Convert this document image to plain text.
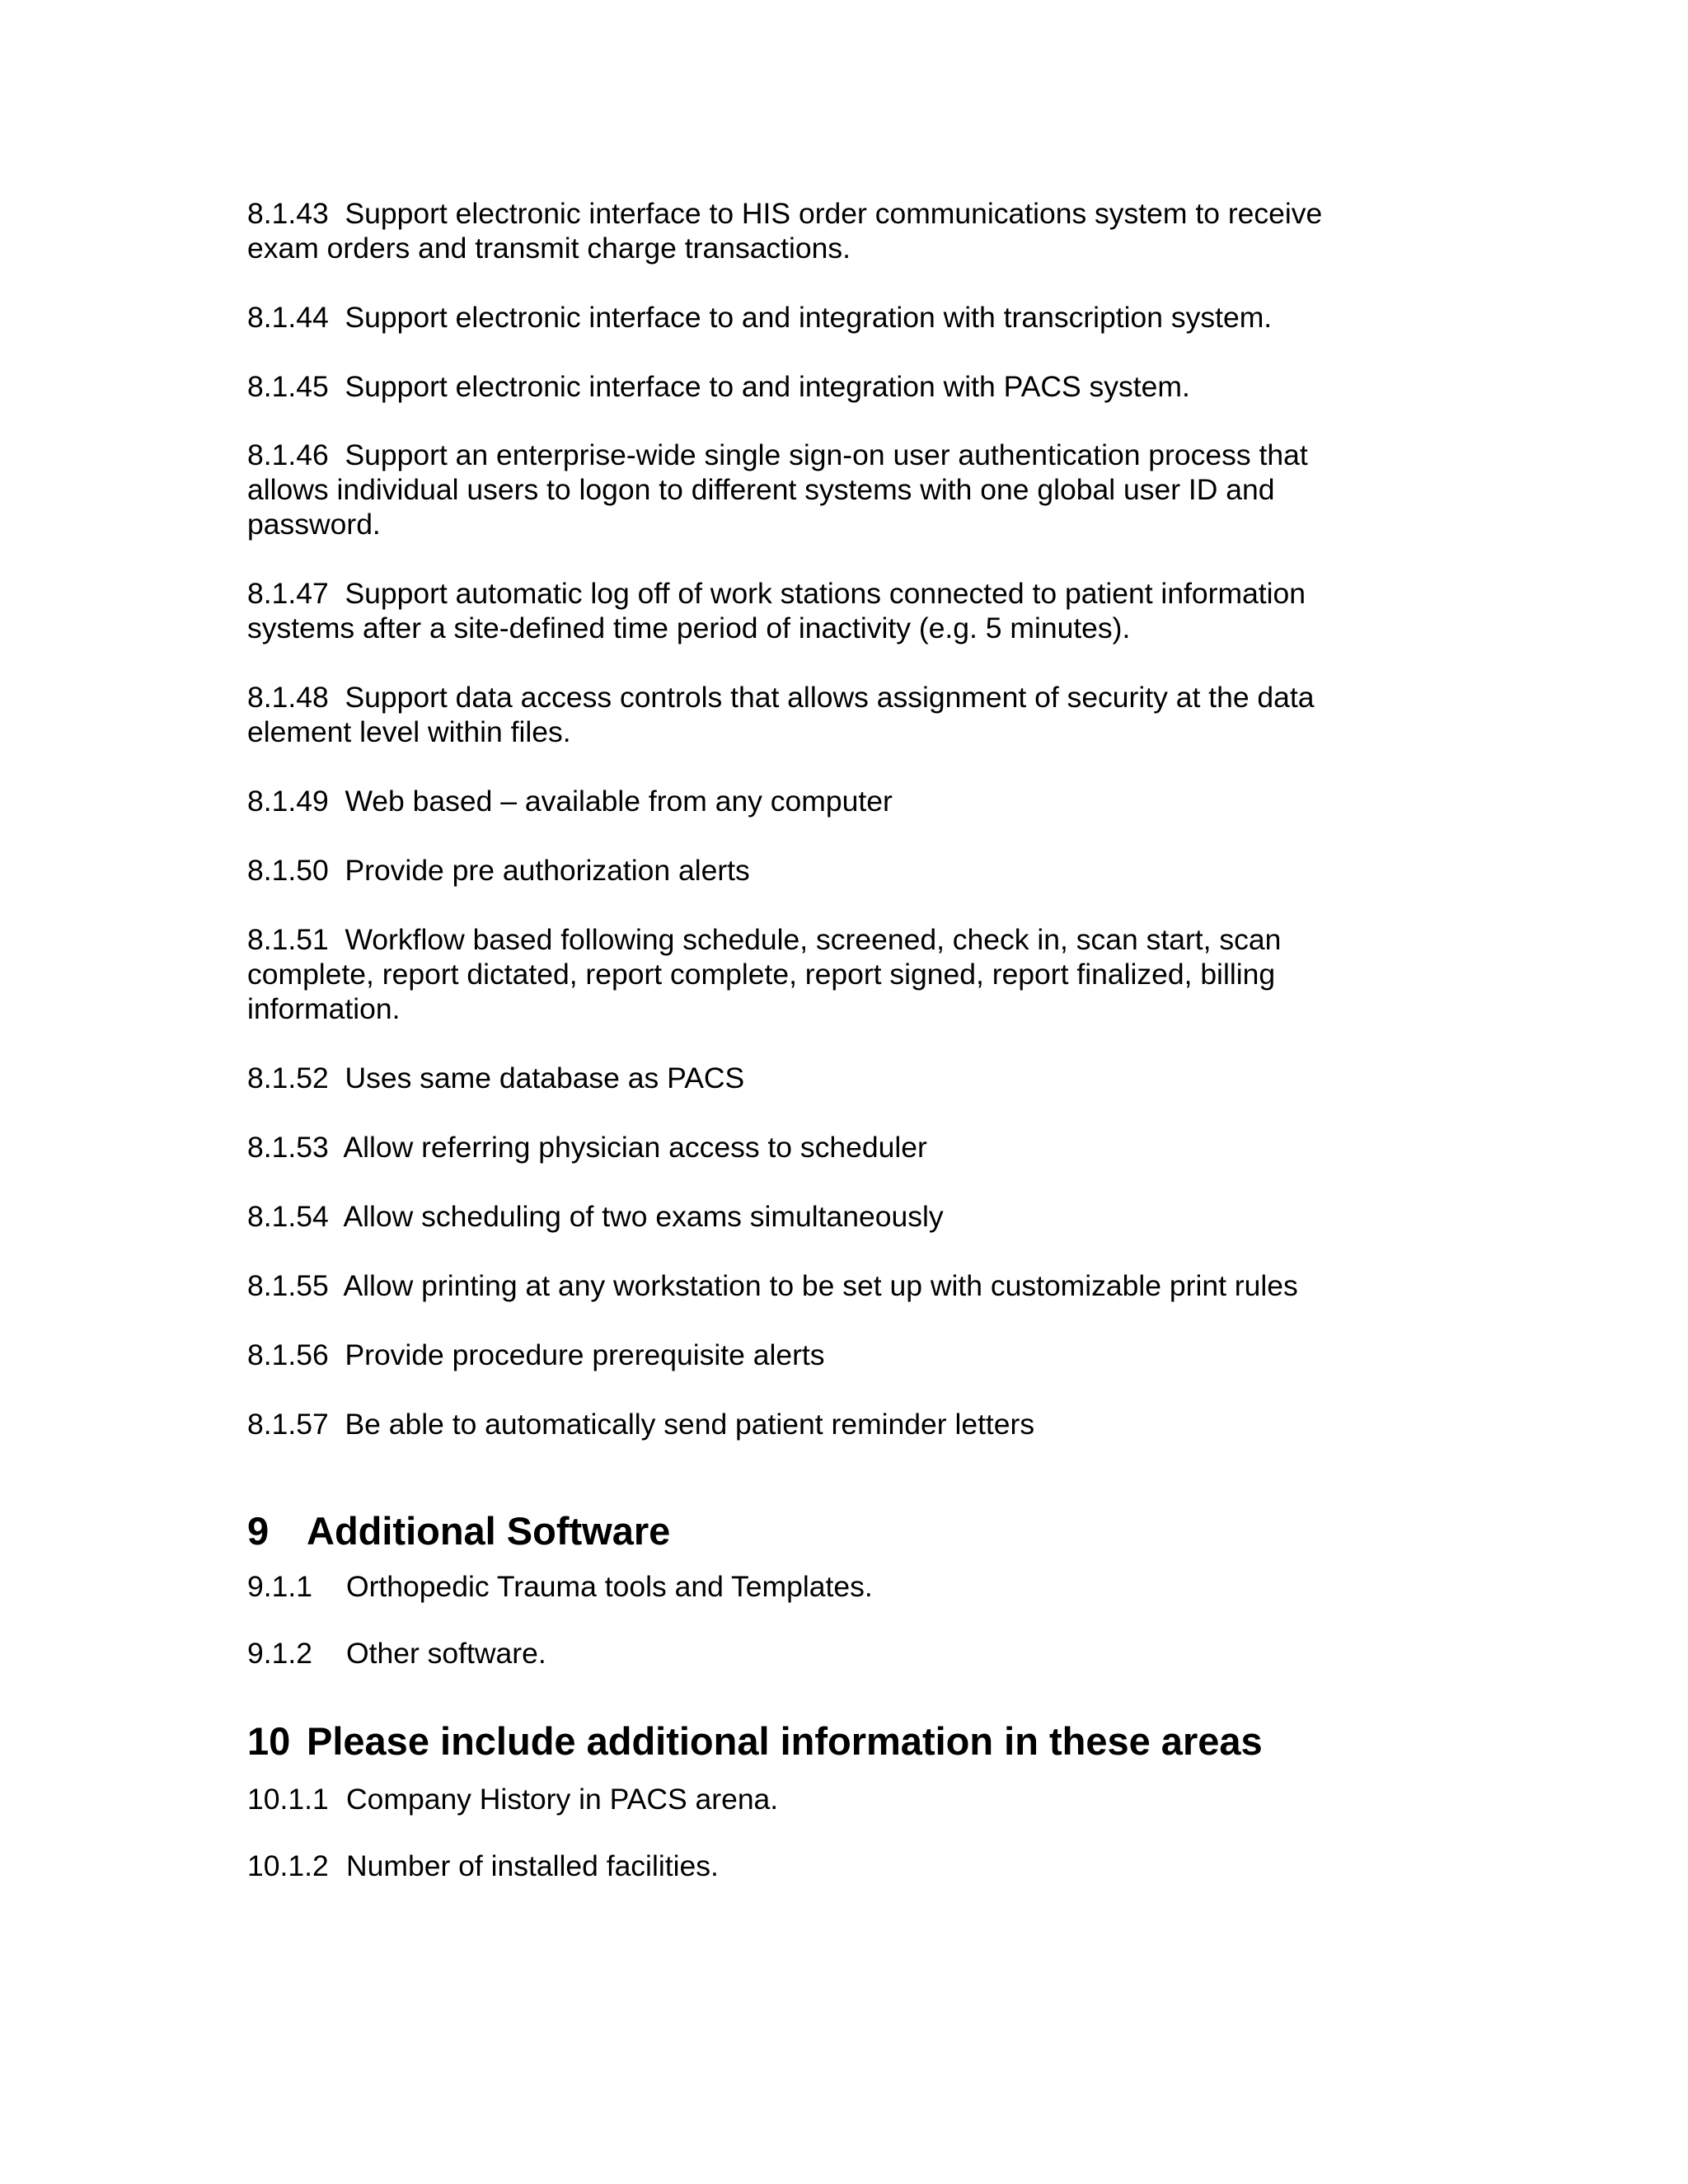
8.1.43 Support electronic interface to HIS order communications system to receive
exam orders and transmit charge transactions.
8.1.44 Support electronic interface to and integration with transcription system.
8.1.45 Support electronic interface to and integration with PACS system.
8.1.46 Support an enterprise-wide single sign-on user authentication process that
allows individual users to logon to different systems with one global user ID and
password.
8.1.47 Support automatic log off of work stations connected to patient information
systems after a site-defined time period of inactivity (e.g. 5 minutes).
8.1.48 Support data access controls that allows assignment of security at the data
element level within files.
8.1.49 Web based – available from any computer
8.1.50 Provide pre authorization alerts
8.1.51 Workflow based following schedule, screened, check in, scan start, scan
complete, report dictated, report complete, report signed, report finalized, billing
information.
8.1.52 Uses same database as PACS
8.1.53 Allow referring physician access to scheduler
8.1.54 Allow scheduling of two exams simultaneously
8.1.55 Allow printing at any workstation to be set up with customizable print rules
8.1.56 Provide procedure prerequisite alerts
8.1.57 Be able to automatically send patient reminder letters
9 Additional Software
9.1.1 Orthopedic Trauma tools and Templates.
9.1.2 Other software.
10 Please include additional information in these areas
10.1.1 Company History in PACS arena.
10.1.2 Number of installed facilities.
